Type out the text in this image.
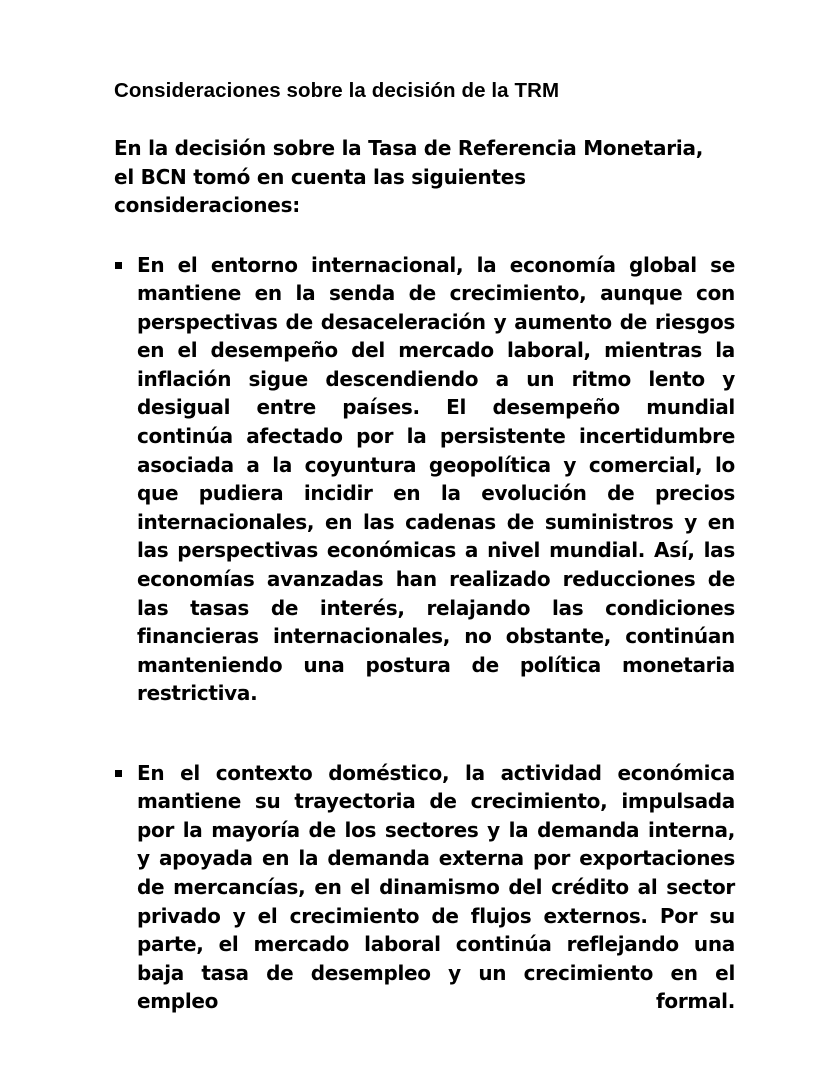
Consideraciones sobre la decisión de la TRM

En la decisión sobre la Tasa de Referencia Monetaria, el BCN tomó en cuenta las siguientes consideraciones:

En el entorno internacional, la economía global se mantiene en la senda de crecimiento, aunque con perspectivas de desaceleración y aumento de riesgos en el desempeño del mercado laboral, mientras la inflación sigue descendiendo a un ritmo lento y desigual entre países. El desempeño mundial continúa afectado por la persistente incertidumbre asociada a la coyuntura geopolítica y comercial, lo que pudiera incidir en la evolución de precios internacionales, en las cadenas de suministros y en las perspectivas económicas a nivel mundial. Así, las economías avanzadas han realizado reducciones de las tasas de interés, relajando las condiciones financieras internacionales, no obstante, continúan manteniendo una postura de política monetaria restrictiva.
En el contexto doméstico, la actividad económica mantiene su trayectoria de crecimiento, impulsada por la mayoría de los sectores y la demanda interna, y apoyada en la demanda externa por exportaciones de mercancías, en el dinamismo del crédito al sector privado y el crecimiento de flujos externos. Por su parte, el mercado laboral continúa reflejando una baja tasa de desempleo y un crecimiento en el empleo formal.
